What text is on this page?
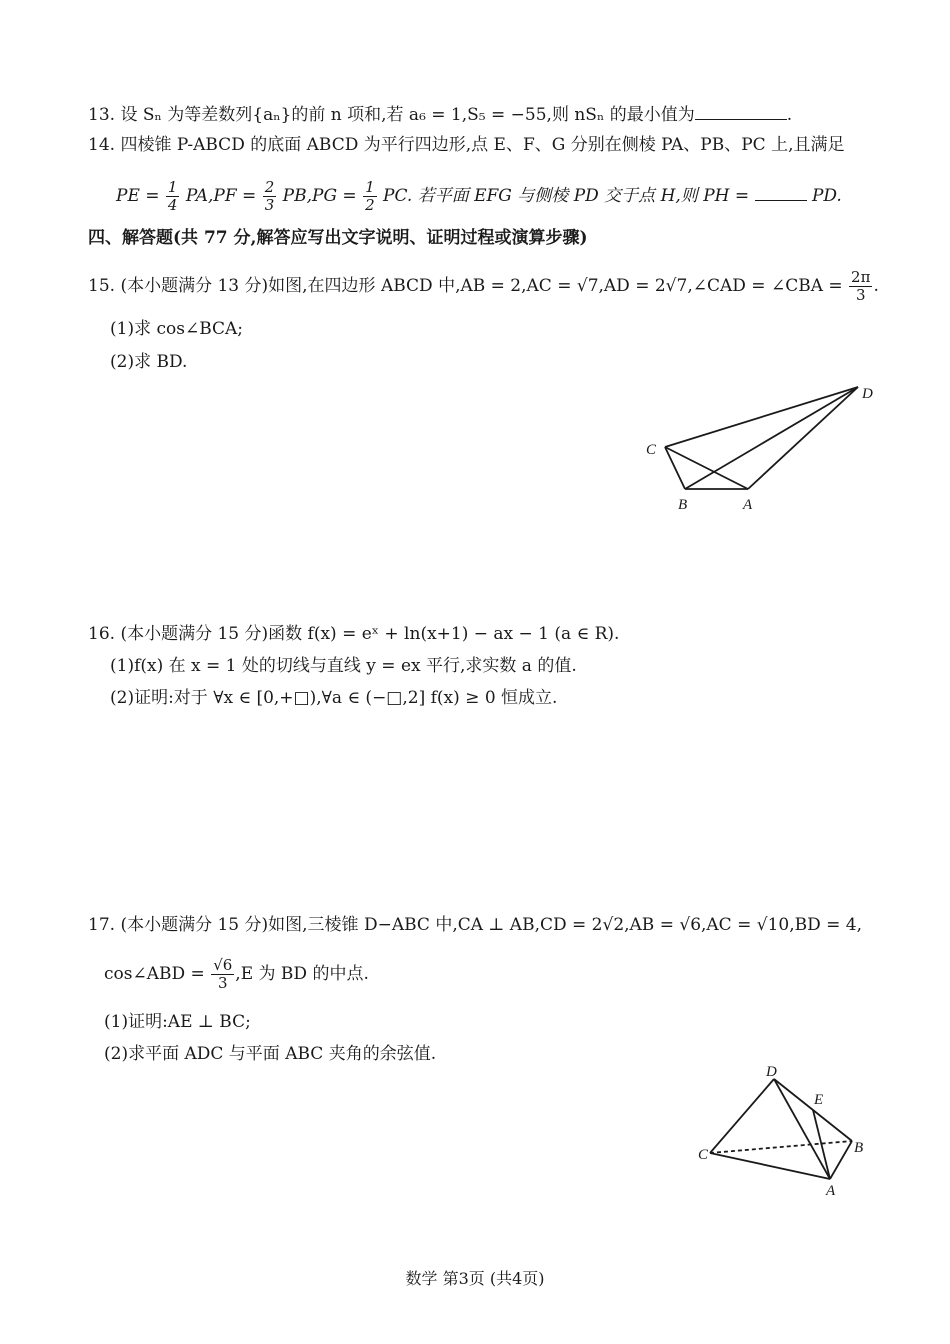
13. 设 Sₙ 为等差数列{aₙ}的前 n 项和,若 a₆ = 1,S₅ = −55,则 nSₙ 的最小值为	.
14. 四棱锥 P-ABCD 的底面 ABCD 为平行四边形,点 E、F、G 分别在侧棱 PA、PB、PC 上,且满足
PE = $\frac{1}{4} PA,PF = \frac{2}{3} PB,PG = \frac{1}{2}$ PC. 若平面 EFG 与侧棱 PD 交于点 H,则 PH =	PD.
四、解答题(共 77 分,解答应写出文字说明、证明过程或演算步骤)
15. (本小题满分 13 分)如图,在四边形 ABCD 中,AB = 2,AC = √7,AD = 2√7,∠CAD = ∠CBA = $\frac{2\pi}{3}$ .
(1)求 cos∠BCA;
(2)求 BD.
C
D
B	A
16. (本小题满分 15 分)函数 f(x) = eˣ + ln(x+1) − ax − 1 (a ∈ R).
(1)f(x) 在 x = 1 处的切线与直线 y = ex 平行,求实数 a 的值.
(2)证明:对于 ∀x ∈ [0,+□),∀a ∈ (−□,2] f(x) ≥ 0 恒成立.
17. (本小题满分 15 分)如图,三棱锥 D−ABC 中,CA ⊥ AB,CD = 2√2,AB = √6,AC = √10,BD = 4,
cos∠ABD = $\frac{√6}{3} ,E$ 为 BD 的中点.
(1)证明:AE ⊥ BC;
(2)求平面 ADC 与平面 ABC 夹角的余弦值.
D
E
C	B
A
数学 第3页 (共4页)
